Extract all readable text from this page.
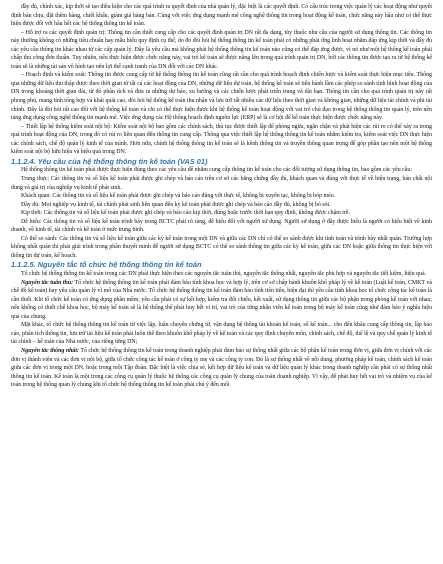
đầy đủ, chính xác, kịp thời sẽ tạo điều kiện cho các quá trình ra quyết định của nhà quản lý, đặc biệt là các quyết định. Có cấu trúc trong việc quản lý các hoạt động như quyết định bán chịu, đặt thêm hàng, chiết khấu, giảm giá hàng bán. Cùng với việc ứng dụng mạnh mẽ công nghệ thông tin trong hoạt động kế toán, chức năng này hầu như có thể thực hiện được đối với hầu hết các hệ thống thông tin kế toán.

– Hỗ trợ ra các quyết định quản trị: Thông tin cần thiết cung cấp cho các quyết định quản trị DN rất đa dạng, tùy thuộc nhu cầu của người sử dụng thông tin. Các thông tin này thường không có những tiêu chuẩn hay mẫu biểu quy định cụ thể, do đó đòi hỏi hệ thống thông tin kế toán phải có những phải ứng linh hoạt nhằm đáp ứng kịp thời và đầy đủ các yêu cầu thông tin khác nhau từ các cấp quản lý. Đây là yêu cầu mà không phải hệ thống thông tin kế toán nào cũng có thể đáp ứng được, vì nó như một hệ thống kế toán phải chấp thu công đơn thuần. Tuy nhiên, nếu thực hiện được chức năng này, vai trò kế toán sẽ được nâng lên trong quá trình quản trị DN, bởi các thông tin được tạo ra từ hệ thống kế toán sẽ là những tài sản vô hình tạo nên lợi thế cạnh tranh của DN đối với các DN khác.

– Hoạch định và kiểm soát: Thông tin được cung cấp từ hệ thống thông tin kế toán cũng rất cần cho quá trình hoạch định chiến lược và kiểm soát thực hiện mục tiêu. Thông qua những dữ liệu thu thập được theo thời gian từ tất cả các hoạt động của DN, những dữ liệu dự toán, hệ thống kế toán sẽ tiến hành lầm các phép so sánh tình hình hoạt động của DN trong khoảng thời gian đài, từ đó phân tích và đưa ra những dự báo, xu hướng và các chiến lược phát triển trung và dài hạn. Thông tin cần cho quá trình quản trị này rất phong phú, mang tính tổng hợp và khái quát cao, đòi hỏi hệ thống kế toán thu nhận và lưu trữ rất nhiều các dữ liệu theo thời gian và không gian, những dữ liệu tài chính và phi tài chính. Đây là đòi hỏi rất cao đối với hệ thống kế toán và chỉ có thể thực hiện được khi hệ thống kế toán hoạt động với vai trò chủ đạo trong hệ thống thông tin quản lý, trên nền tảng ứng dụng công nghệ thông tin mạnh mẽ. Việc ứng dụng các Hệ thống hoạch định nguồn lực (ERP) sẽ là cơ hội để kế toán thực hiện được chức năng này.

– Thiết lập hệ thống kiểm soát nội bộ: Kiểm soát nội bộ bao gồm các chính sách, thủ tục được thiết lập để phòng ngừa, ngăn chặn và phát hiện các rủi ro có thể xảy ra trong quá trình hoạt động của DN, trong đó có rủi ro liên quan đến thông tin cung cấp. Thông qua việc thiết lập hệ thống thông tin kế toán nhằm kiểm tra, kiểm soát việc DN thực hiện các chính sách, chế độ quản lý kinh tế của mình. Hơn nữa, chính hệ thống thông tin kế toán sẽ là kênh thông tin và truyền thông quan trọng để góp phần tạo nên một hệ thống kiểm soát nội bộ hữu hiệu và hiệu quả trong DN.

1.1.2.4. Yêu cầu của hệ thống thông tin kế toán (VAS 01)

Hệ thống thông tin kế toán phải được thực hiện đúng theo các yêu cầu để nhằm cung cấp thông tin kế toán cho các đối tượng sử dụng thông tin, bao gồm các yêu cầu:

Trung thực: Các thông tin và số liệu kế toán phải được ghi chép và báo cáo trên cơ sở các bằng chứng đầy đủ, khách quan và đúng với thực tế về hiện trạng, bản chất nội dung và giá trị của nghiệp vụ kinh tế phát sinh.

Khách quan: Các thông tin và số liệu kế toán phải được ghi chép và báo cáo đúng với thực tế, không bị xuyên tạc, không bị bóp méo.

Đầy đủ: Mọi nghiệp vụ kinh tế, tài chính phát sinh liên quan đến kỳ kế toán phải được ghi chép và báo cáo đầy đủ, không bị bỏ sót.

Kịp thời: Các thông tin và số liệu kế toán phải được ghi chép và báo cáo kịp thời, đúng hoặc trước thời hạn quy định, không được chậm trễ.

Dễ hiểu: Các thông tin và số liệu kế toán trình bày trong BCTC phải rõ ràng, dễ hiểu đối với người sử dụng. Người sử dụng ở đây được hiểu là người có hiểu biết về kinh doanh, về kinh tế, tài chính và kế toán ở mức trung bình.

Có thể so sánh: Các thông tin và số liệu kế toán giữa các kỳ kế toán trong một DN và giữa các DN chỉ có thể so sánh được khi tính toán và trình bày nhất quán. Trường hợp không nhất quán thì phải giải trình trong phần thuyết minh để người sử dụng BCTC có thể so sánh thông tin giữa các kỳ kế toán, giữa các DN hoặc giữa thông tin thực hiện với thông tin dự toán, kế hoạch.

1.1.2.5. Nguyên tắc tổ chức hệ thống thông tin kế toán

Tổ chức hệ thống thông tin kế toán trong các DN phải thực hiện theo các nguyên tắc tuân thủ, nguyên tắc thống nhất, nguyên tắc phù hợp và nguyên tắc tiết kiệm, hiệu quả.

Nguyên tắc tuân thủ: Tổ chức hệ thống thông tin kế toán phải đảm bảo tính khoa học và hợp lý, trên cơ sở chấp hành khuôn khổ pháp lý về kế toán (Luật kế toán, CMKT và chế độ kế toán) hay yêu cầu quản lý vĩ mô của Nhà nước. Tổ chức hệ thống thông tin kế toán đảm bảo tính tiên tiến, hiện đại thì yêu cầu tính khoa học tổ chức công tác kế toán là cần thiết. Khi tổ chức kế toán có ứng dụng phần mềm, yêu cầu phải có sự kết hợp, kiểm tra đối chiếu, kết xuất, sử dụng thông tin giữa các bộ phận trong phòng kế toán với nhau; nếu không có thiết chế khoa học, bộ máy kế toán sẽ là hệ thống thể phát huy hết vi trí, vai trò của từng nhân viên kế toán trong bộ máy kế toán cũng như đảm bảo ý nghĩa hiệu quả của chung.

Mặt khác, tổ chức hệ thống thông tin kế toán từ việc lập, luân chuyển chứng từ, vận dụng hệ thống tài khoản kế toán, sổ kế toán... cho đến khâu cung cấp thông tin, lập báo cáo, phân tích thông tin, lưu trữ tài liệu kế toán phải luôn thể theo khuôn khổ pháp lý về kế toán và các quy định chuyên môn, chính sách, chế độ, thể lệ và quy chế quản lý kinh tế tài chính – kế toán của Nhà nước, của riêng từng DN;

Nguyên tắc thống nhất: Tổ chức hệ thống thông tin kế toán trong doanh nghiệp phải đảm bảo sự thống nhất giữa các bộ phận kế toán trong đơn vị, giữa đơn vị chính với các đơn vị thành viên và các đơn vị nội bộ, giữa tổ chức công tác kế toán ở công ty mẹ và các công ty con. Đó là sự thống nhất về nội dung, phương pháp kế toán, chính sách kế toán giữa các đơn vị trong một DN, hoặc trong một Tập đoàn. Đặc biệt là việc chia sẻ, kết hợp dữ liệu kế toán và dữ liệu quản lý khác trong doanh nghiệp cần phải có sự thống nhất thông tin kế toán. Kế toán là một trong các công cụ quản lý thuộc hệ thống các công cụ quản lý chung của toàn doanh nghiệp. Vì vậy, để phát huy hết vai trò và nhiệm vụ của kế toán trong hệ thống quản lý chung khi tổ chức hệ thống thông tin kế toán phải chú ý đến mối
